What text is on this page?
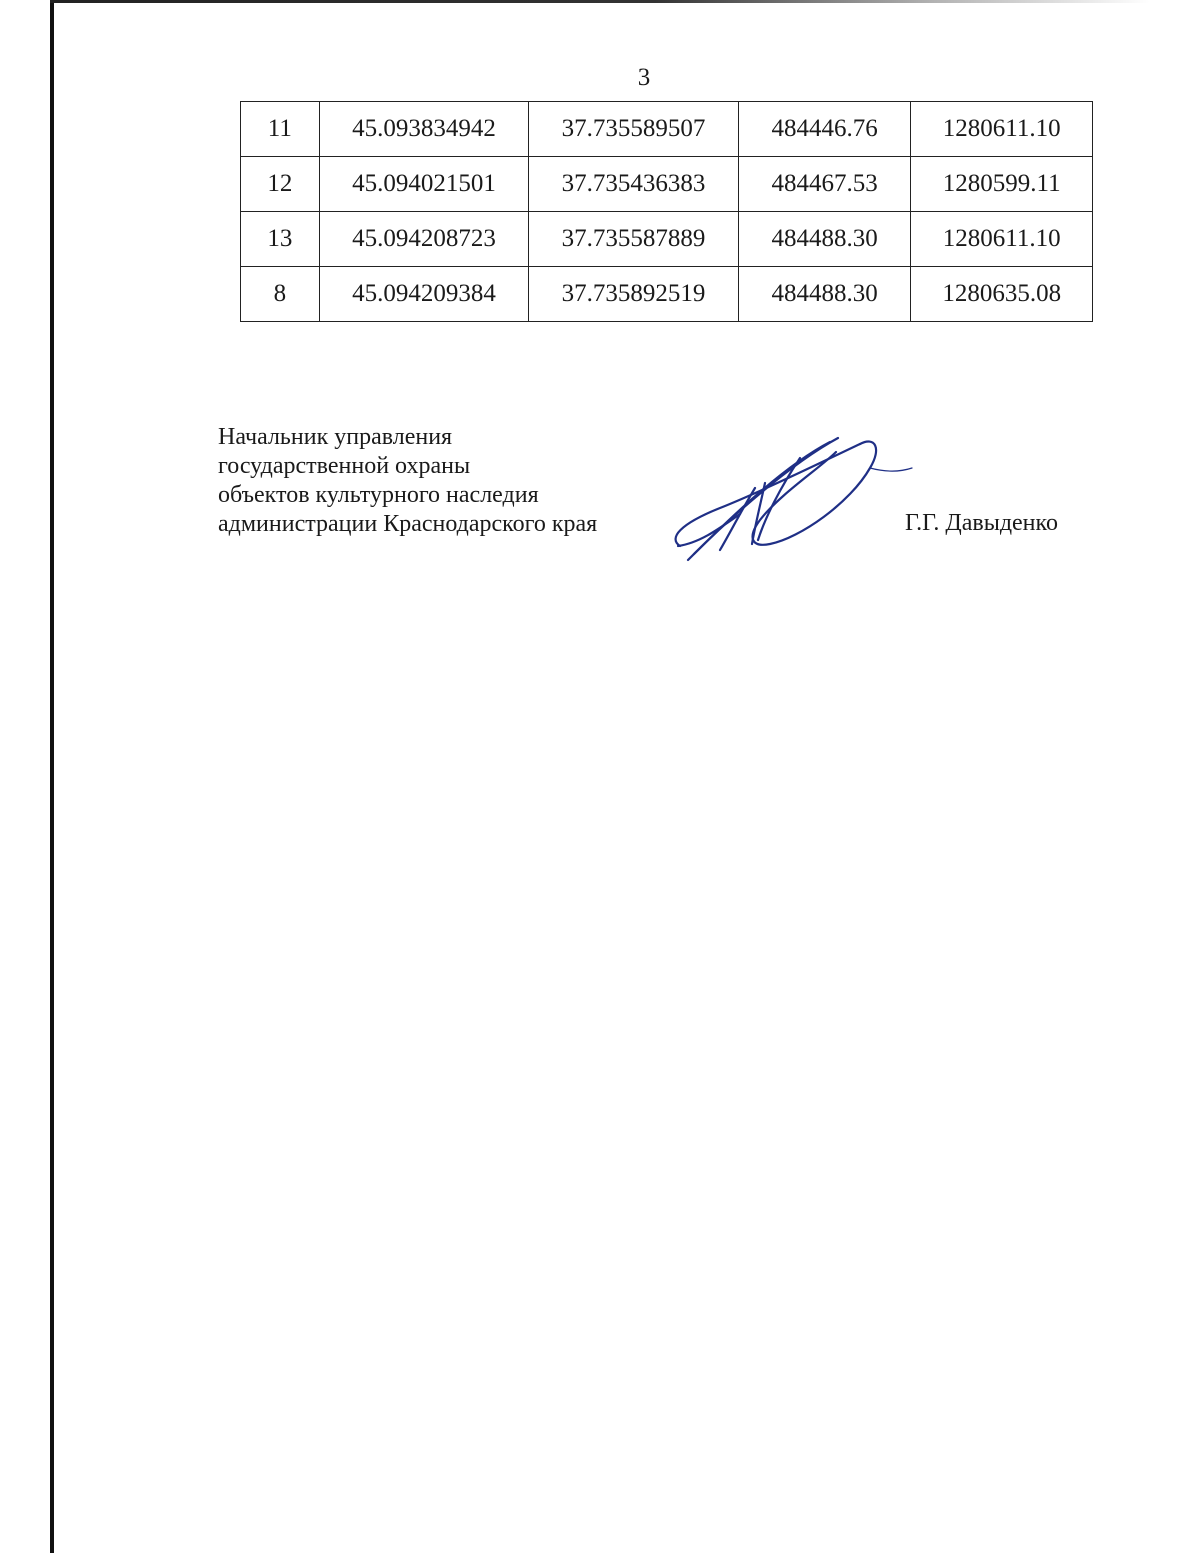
3
11	45.093834942	37.735589507	484446.76	1280611.10
12	45.094021501	37.735436383	484467.53	1280599.11
13	45.094208723	37.735587889	484488.30	1280611.10
8	45.094209384	37.735892519	484488.30	1280635.08
Начальник управления
государственной охраны
объектов культурного наследия
администрации Краснодарского края	Г.Г. Давыденко
